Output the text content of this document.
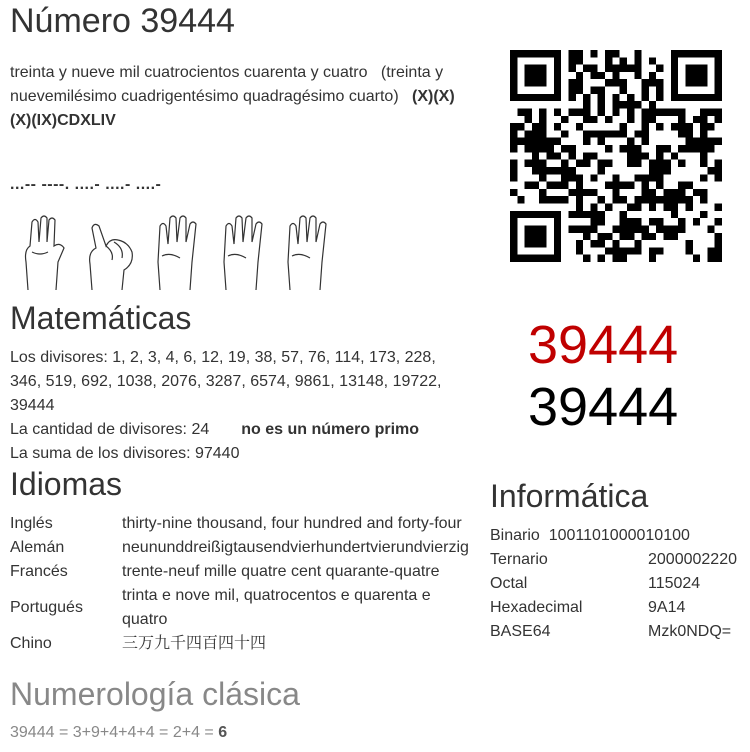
Número 39444
treinta y nueve mil cuatrocientos cuarenta y cuatro (treinta y nuevemilésimo cuadrigentésimo quadragésimo cuarto) (X)(X)(X)(IX)CDXLIV
...-- ----. ....- ....- ....-
Matemáticas
Los divisores: 1, 2, 3, 4, 6, 12, 19, 38, 57, 76, 114, 173, 228, 346, 519, 692, 1038, 2076, 3287, 6574, 9861, 13148, 19722, 39444
La cantidad de divisores: 24 no es un número primo
La suma de los divisores: 97440
Idiomas
Inglés	thirty-nine thousand, four hundred and forty-four
Alemán	neununddreißigtausendvierhundertvierundvierzig
Francés	trente-neuf mille quatre cent quarante-quatre
Portugués	trinta e nove mil, quatrocentos e quarenta e quatro
Chino	三万九千四百四十四
Numerología clásica
39444 = 3+9+4+4+4 = 2+4 = 6
39444
39444
Informática
Binario 1001101000010100	
Ternario	2000002220
Octal	115024
Hexadecimal	9A14
BASE64	Mzk0NDQ=
